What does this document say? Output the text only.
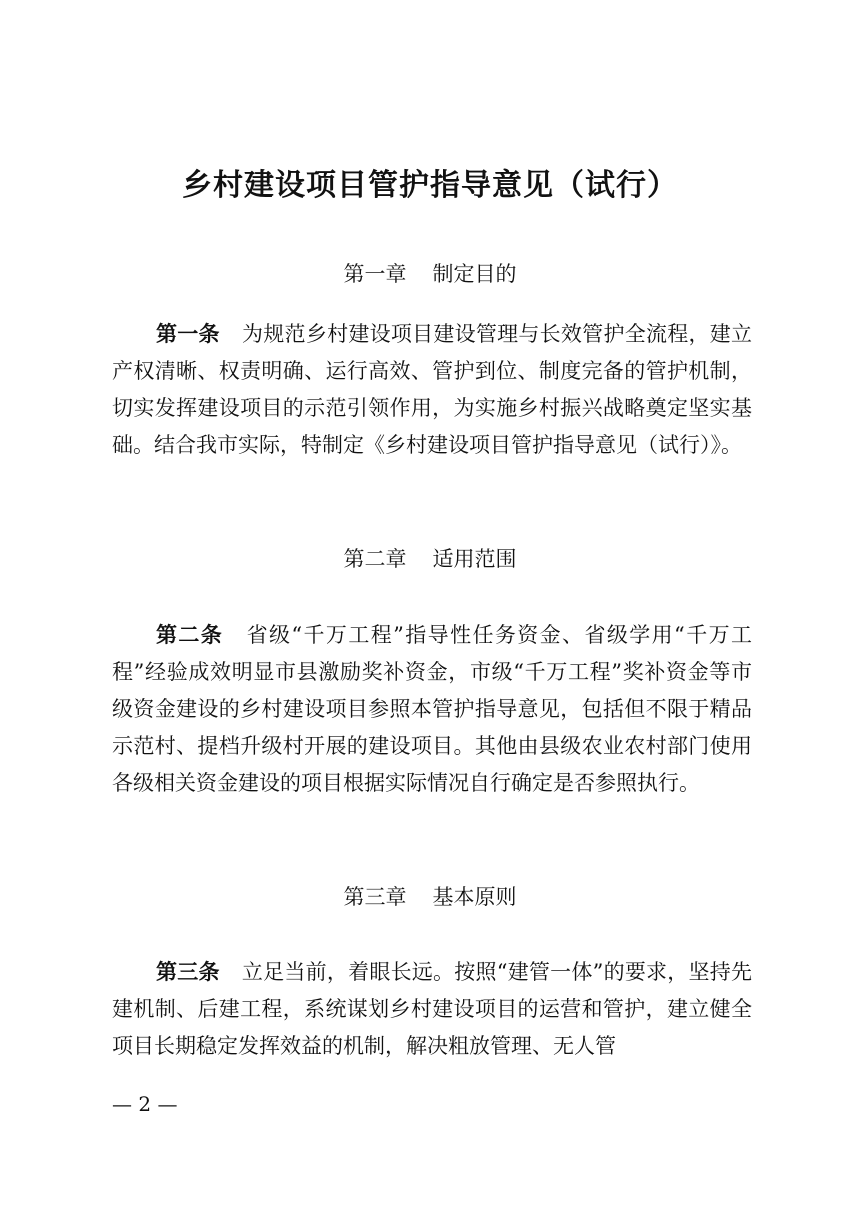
乡村建设项目管护指导意见（试行）
第一章 制定目的

第一条 为规范乡村建设项目建设管理与长效管护全流程，建立产权清晰、权责明确、运行高效、管护到位、制度完备的管护机制，切实发挥建设项目的示范引领作用，为实施乡村振兴战略奠定坚实基础。结合我市实际，特制定《乡村建设项目管护指导意见（试行）》。

第二章 适用范围

第二条 省级“千万工程”指导性任务资金、省级学用“千万工程”经验成效明显市县激励奖补资金，市级“千万工程”奖补资金等市级资金建设的乡村建设项目参照本管护指导意见，包括但不限于精品示范村、提档升级村开展的建设项目。其他由县级农业农村部门使用各级相关资金建设的项目根据实际情况自行确定是否参照执行。

第三章 基本原则

第三条 立足当前，着眼长远。按照“建管一体”的要求，坚持先建机制、后建工程，系统谋划乡村建设项目的运营和管护，建立健全项目长期稳定发挥效益的机制，解决粗放管理、无人管

— 2 —
